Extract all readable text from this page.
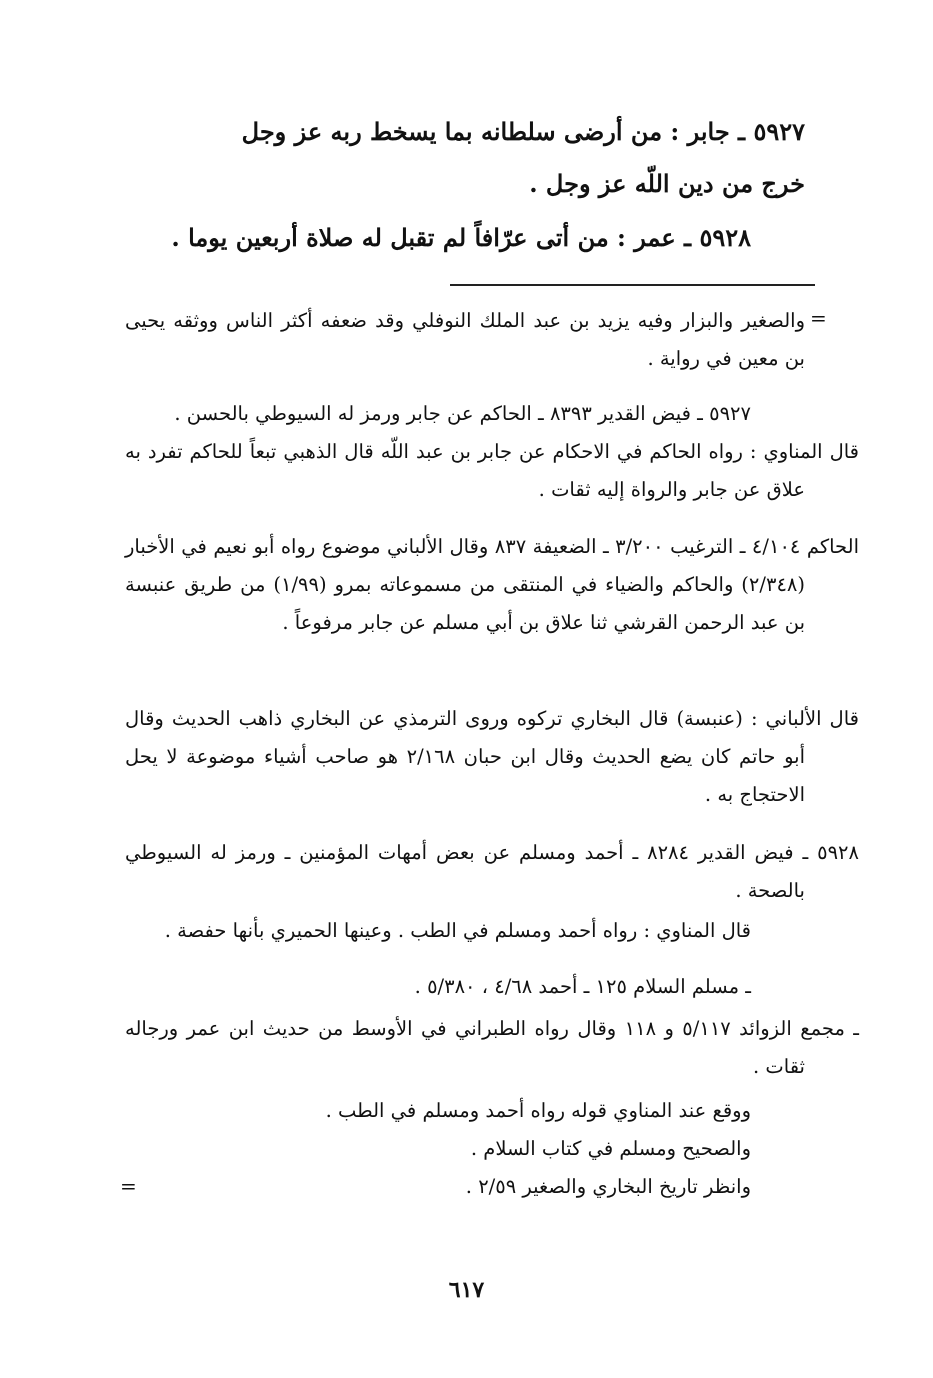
٥٩٢٧ ـ جابر : من أرضى سلطانه بما يسخط ربه عز وجل
خرج من دين اللّه عز وجل .

٥٩٢٨ ـ عمر : من أتى عرّافاً لم تقبل له صلاة أربعين يوما .

=

والصغير والبزار وفيه يزيد بن عبد الملك النوفلي وقد ضعفه أكثر الناس ووثقه يحيى بن معين في رواية .

٥٩٢٧ ـ فيض القدير ٨٣٩٣ ـ الحاكم عن جابر ورمز له السيوطي بالحسن .

قال المناوي : رواه الحاكم في الاحكام عن جابر بن عبد اللّه قال الذهبي تبعاً للحاكم تفرد به علاق عن جابر والرواة إليه ثقات .

الحاكم ٤/١٠٤ ـ الترغيب ٣/٢٠٠ ـ الضعيفة ٨٣٧ وقال الألباني موضوع رواه أبو نعيم في الأخبار (٢/٣٤٨) والحاكم والضياء في المنتقى من مسموعاته بمرو (١/٩٩) من طريق عنبسة بن عبد الرحمن القرشي ثنا علاق بن أبي مسلم عن جابر مرفوعاً .

قال الألباني : (عنبسة) قال البخاري تركوه وروى الترمذي عن البخاري ذاهب الحديث وقال أبو حاتم كان يضع الحديث وقال ابن حبان ٢/١٦٨ هو صاحب أشياء موضوعة لا يحل الاحتجاج به .

٥٩٢٨ ـ فيض القدير ٨٢٨٤ ـ أحمد ومسلم عن بعض أمهات المؤمنين ـ ورمز له السيوطي بالصحة .

قال المناوي : رواه أحمد ومسلم في الطب . وعينها الحميري بأنها حفصة .

ـ مسلم السلام ١٢٥ ـ أحمد ٤/٦٨ ، ٥/٣٨٠ .

ـ مجمع الزوائد ٥/١١٧ و ١١٨ وقال رواه الطبراني في الأوسط من حديث ابن عمر ورجاله ثقات .

ووقع عند المناوي قوله رواه أحمد ومسلم في الطب .

والصحيح ومسلم في كتاب السلام .

وانظر تاريخ البخاري والصغير ٢/٥٩ .

=
٦١٧
